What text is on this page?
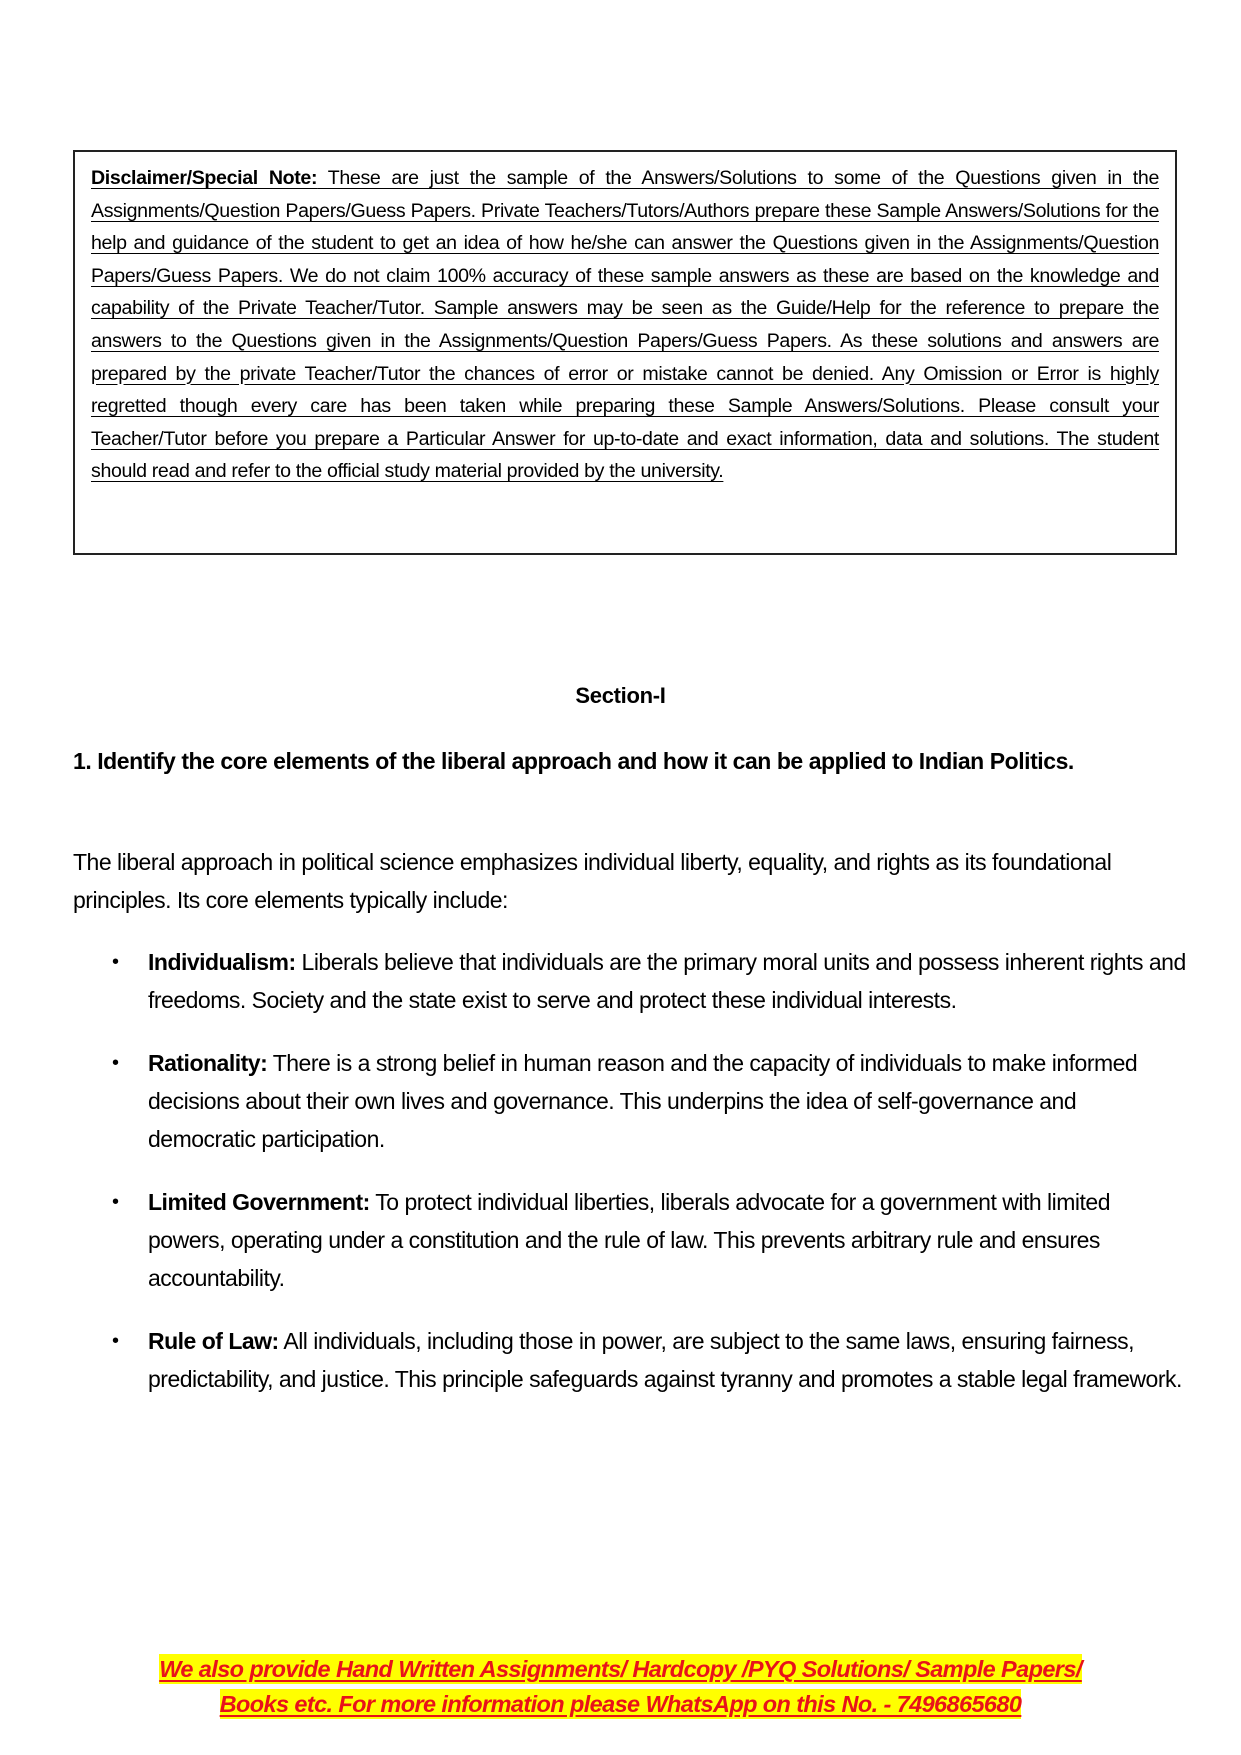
Disclaimer/Special Note: These are just the sample of the Answers/Solutions to some of the Questions given in the Assignments/Question Papers/Guess Papers. Private Teachers/Tutors/Authors prepare these Sample Answers/Solutions for the help and guidance of the student to get an idea of how he/she can answer the Questions given in the Assignments/Question Papers/Guess Papers. We do not claim 100% accuracy of these sample answers as these are based on the knowledge and capability of the Private Teacher/Tutor. Sample answers may be seen as the Guide/Help for the reference to prepare the answers to the Questions given in the Assignments/Question Papers/Guess Papers. As these solutions and answers are prepared by the private Teacher/Tutor the chances of error or mistake cannot be denied. Any Omission or Error is highly regretted though every care has been taken while preparing these Sample Answers/Solutions. Please consult your Teacher/Tutor before you prepare a Particular Answer for up-to-date and exact information, data and solutions. The student should read and refer to the official study material provided by the university.
Section-I
1. Identify the core elements of the liberal approach and how it can be applied to Indian Politics.
The liberal approach in political science emphasizes individual liberty, equality, and rights as its foundational principles. Its core elements typically include:
• Individualism: Liberals believe that individuals are the primary moral units and possess inherent rights and freedoms. Society and the state exist to serve and protect these individual interests.
• Rationality: There is a strong belief in human reason and the capacity of individuals to make informed decisions about their own lives and governance. This underpins the idea of self-governance and democratic participation.
• Limited Government: To protect individual liberties, liberals advocate for a government with limited powers, operating under a constitution and the rule of law. This prevents arbitrary rule and ensures accountability.
• Rule of Law: All individuals, including those in power, are subject to the same laws, ensuring fairness, predictability, and justice. This principle safeguards against tyranny and promotes a stable legal framework.
We also provide Hand Written Assignments/ Hardcopy /PYQ Solutions/ Sample Papers/
Books etc. For more information please WhatsApp on this No. - 7496865680
